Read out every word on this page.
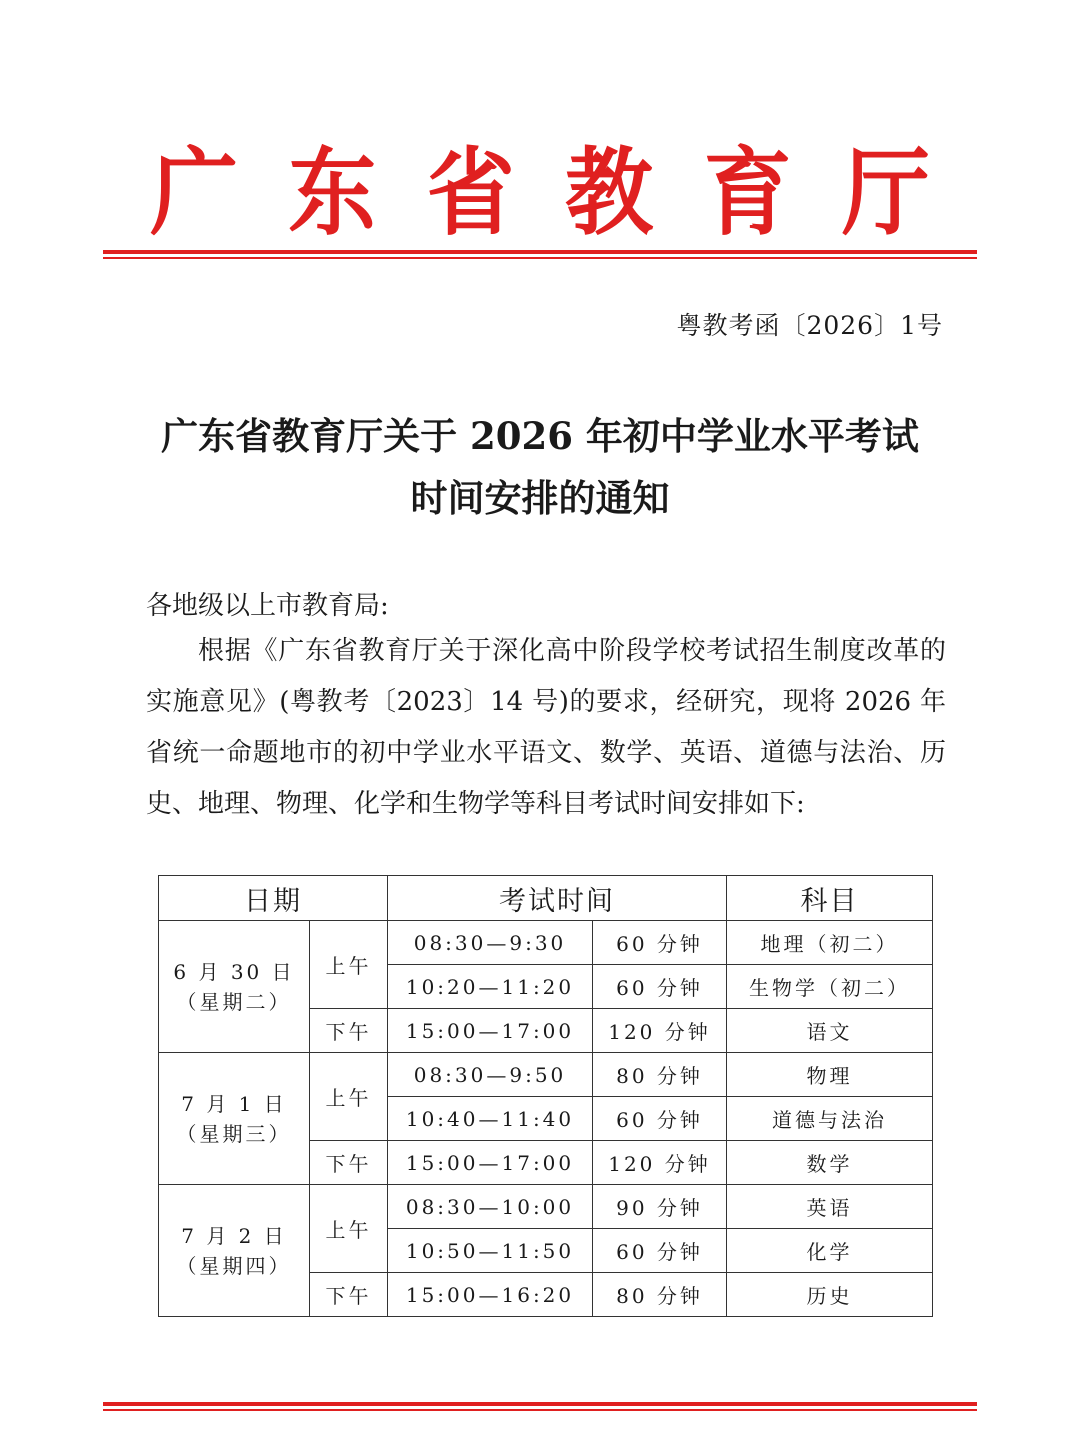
广 东 省 教 育 厅
粤教考函〔2026〕1号
广东省教育厅关于 2026 年初中学业水平考试
时间安排的通知
各地级以上市教育局:
根据《广东省教育厅关于深化高中阶段学校考试招生制度改革的实施意见》(粤教考〔2023〕14 号)的要求，经研究，现将 2026 年省统一命题地市的初中学业水平语文、数学、英语、道德与法治、历史、地理、物理、化学和生物学等科目考试时间安排如下:
日期		考试时间		科目

6 月 30 日
（星期二）	上午	08:30—9:30	60 分钟	地理（初二）
		10:20—11:20	60 分钟	生物学（初二）
	下午	15:00—17:00	120 分钟	语文

7 月 1 日
（星期三）	上午	08:30—9:50	80 分钟	物理
		10:40—11:40	60 分钟	道德与法治
	下午	15:00—17:00	120 分钟	数学

7 月 2 日
（星期四）	上午	08:30—10:00	90 分钟	英语
		10:50—11:50	60 分钟	化学
	下午	15:00—16:20	80 分钟	历史
